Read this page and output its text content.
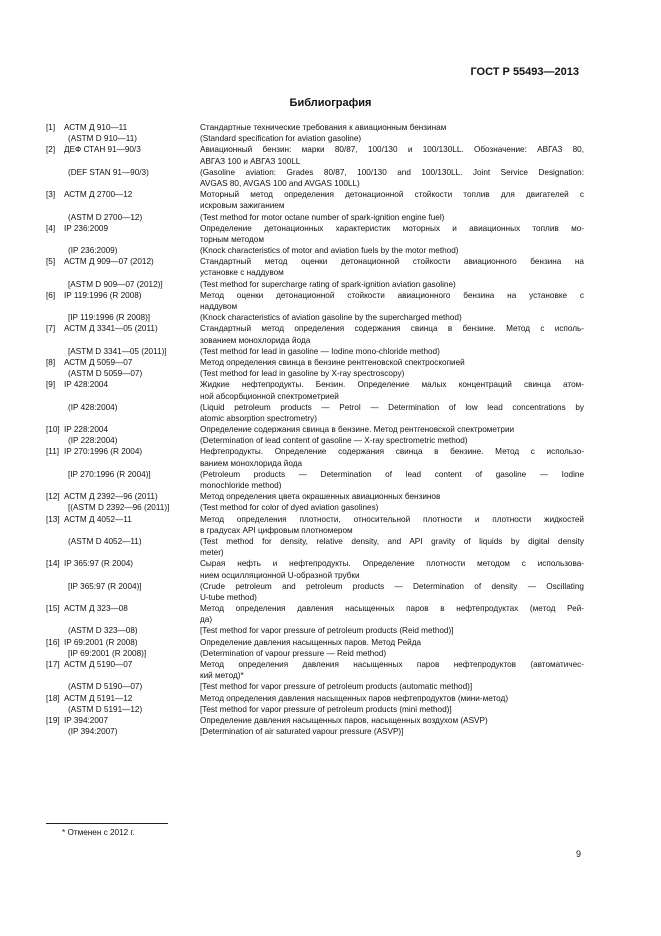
ГОСТ Р 55493—2013
Библиография
[1] АСТМ Д 910—11	Стандартные технические требования к авиационным бензинам
(ASTM D 910—11)	(Standard specification for aviation gasoline)
[2] ДЕФ СТАН 91—90/3	Авиационный бензин: марки 80/87, 100/130 и 100/130LL. Обозначение: АВГАЗ 80,
АВГАЗ 100 и АВГАЗ 100LL
(DEF STAN 91—90/3)	(Gasoline aviation: Grades 80/87, 100/130 and 100/130LL. Joint Service Designation:
AVGAS 80, AVGAS 100 and AVGAS 100LL)
[3] АСТМ Д 2700—12	Моторный метод определения детонационной стойкости топлив для двигателей с
искровым зажиганием
(ASTM D 2700—12)	(Test method for motor octane number of spark-ignition engine fuel)
[4] IP 236:2009	Определение детонационных характеристик моторных и авиационных топлив мо-
торным методом
(IP 236:2009)	(Knock characteristics of motor and aviation fuels by the motor method)
[5] АСТМ Д 909—07 (2012)	Стандартный метод оценки детонационной стойкости авиационного бензина на
установке с наддувом
[ASTM D 909—07 (2012)]	(Test method for supercharge rating of spark-ignition aviation gasoline)
[6] IP 119:1996 (R 2008)	Метод оценки детонационной стойкости авиационного бензина на установке с
наддувом
[IP 119:1996 (R 2008)]	(Knock characteristics of aviation gasoline by the supercharged method)
[7] АСТМ Д 3341—05 (2011)	Стандартный метод определения содержания свинца в бензине. Метод с исполь-
зованием монохлорида йода
[ASTM D 3341—05 (2011)]	(Test method for lead in gasoline — Iodine mono-chloride method)
[8] АСТМ Д 5059—07	Метод определения свинца в бензине рентгеновской спектроскопией
(ASTM D 5059—07)	(Test method for lead in gasoline by X-ray spectroscopy)
[9] IP 428:2004	Жидкие нефтепродукты. Бензин. Определение малых концентраций свинца атом-
ной абсорбционной спектрометрией
(IP 428:2004)	(Liquid petroleum products — Petrol — Determination of low lead concentrations by
atomic absorption spectrometry)
[10] IP 228:2004	Определение содержания свинца в бензине. Метод рентгеновской спектрометрии
(IP 228:2004)	(Determination of lead content of gasoline — X-ray spectrometric method)
[11] IP 270:1996 (R 2004)	Нефтепродукты. Определение содержания свинца в бензине. Метод с использо-
ванием монохлорида йода
[IP 270:1996 (R 2004)]	(Petroleum products — Determination of lead content of gasoline — Iodine
monochloride method)
[12] АСТМ Д 2392—96 (2011)	Метод определения цвета окрашенных авиационных бензинов
[(ASTM D 2392—96 (2011)]	(Test method for color of dyed aviation gasolines)
[13] АСТМ Д 4052—11	Метод определения плотности, относительной плотности и плотности жидкостей
в градусах API цифровым плотномером
(ASTM D 4052—11)	(Test method for density, relative density, and API gravity of liquids by digital density
meter)
[14] IP 365:97 (R 2004)	Сырая нефть и нефтепродукты. Определение плотности методом с использова-
нием осцилляционной U-образной трубки
[IP 365:97 (R 2004)]	(Crude petroleum and petroleum products — Determination of density — Oscillating
U-tube method)
[15] АСТМ Д 323—08	Метод определения давления насыщенных паров в нефтепродуктах (метод Рей-
да)
(ASTM D 323—08)	[Test method for vapor pressure of petroleum products (Reid method)]
[16] IP 69:2001 (R 2008)	Определение давления насыщенных паров. Метод Рейда
[IP 69:2001 (R 2008)]	(Determination of vapour pressure — Reid method)
[17] АСТМ Д 5190—07	Метод определения давления насыщенных паров нефтепродуктов (автоматичес-
кий метод)*
(ASTM D 5190—07)	[Test method for vapor pressure of petroleum products (automatic method)]
[18] АСТМ Д 5191—12	Метод определения давления насыщенных паров нефтепродуктов (мини-метод)
(ASTM D 5191—12)	[Test method for vapor pressure of petroleum products (mini method)]
[19] IP 394:2007	Определение давления насыщенных паров, насыщенных воздухом (ASVP)
(IP 394:2007)	[Determination of air saturated vapour pressure (ASVP)]
* Отменен с 2012 г.
9
